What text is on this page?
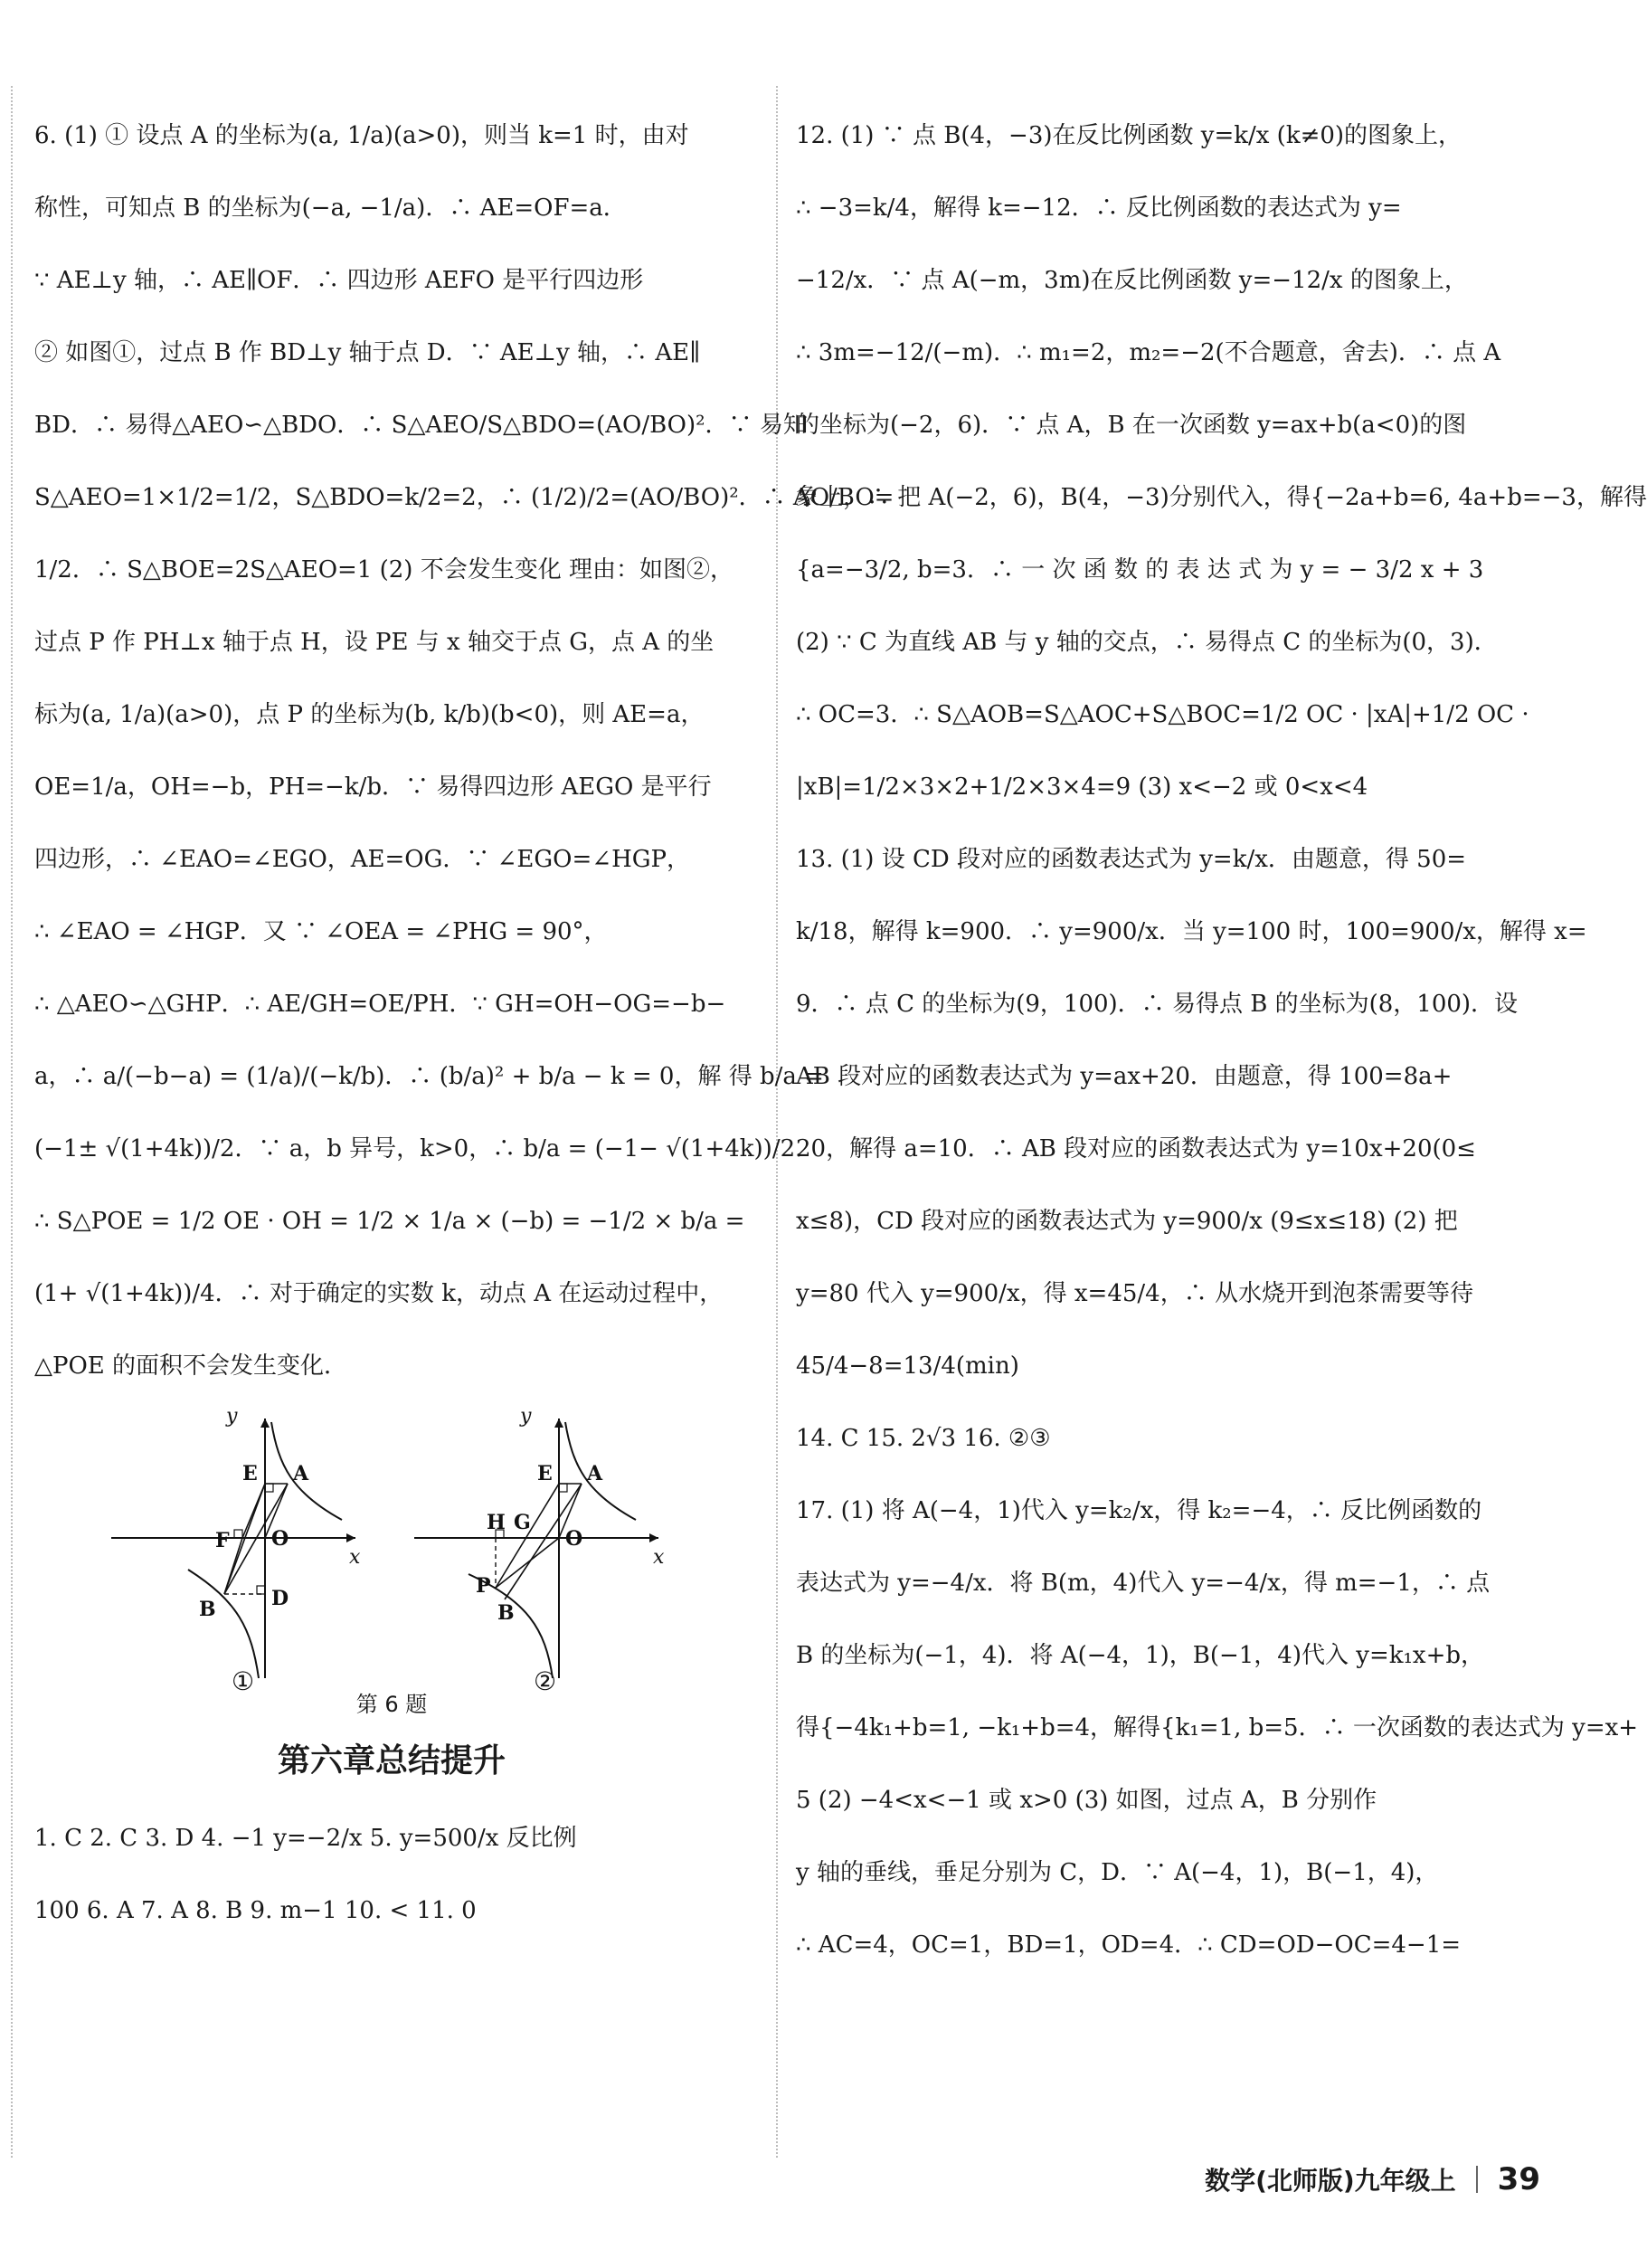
6. (1) ① 设点 A 的坐标为(a, 1/a)(a>0)，则当 k=1 时，由对
称性，可知点 B 的坐标为(−a, −1/a)．∴ AE=OF=a．
∵ AE⊥y 轴，∴ AE∥OF．∴ 四边形 AEFO 是平行四边形
② 如图①，过点 B 作 BD⊥y 轴于点 D．∵ AE⊥y 轴，∴ AE∥
BD．∴ 易得△AEO∽△BDO．∴ S△AEO/S△BDO=(AO/BO)²．∵ 易知
S△AEO=1×1/2=1/2，S△BDO=k/2=2，∴ (1/2)/2=(AO/BO)²．∴ AO/BO=
1/2．∴ S△BOE=2S△AEO=1 (2) 不会发生变化 理由：如图②，
过点 P 作 PH⊥x 轴于点 H，设 PE 与 x 轴交于点 G，点 A 的坐
标为(a, 1/a)(a>0)，点 P 的坐标为(b, k/b)(b<0)，则 AE=a，
OE=1/a，OH=−b，PH=−k/b．∵ 易得四边形 AEGO 是平行
四边形，∴ ∠EAO=∠EGO，AE=OG．∵ ∠EGO=∠HGP，
∴ ∠EAO = ∠HGP．又 ∵ ∠OEA = ∠PHG = 90°，
∴ △AEO∽△GHP．∴ AE/GH=OE/PH．∵ GH=OH−OG=−b−
a，∴ a/(−b−a) = (1/a)/(−k/b)．∴ (b/a)² + b/a − k = 0，解 得 b/a =
(−1± √(1+4k))/2．∵ a，b 异号，k>0，∴ b/a = (−1− √(1+4k))/2．
∴ S△POE = 1/2 OE · OH = 1/2 × 1/a × (−b) = −1/2 × b/a =
(1+ √(1+4k))/4．∴ 对于确定的实数 k，动点 A 在运动过程中，
△POE 的面积不会发生变化．
y
E A
F O
x
B	D
①
y
H G
E A
O
x
P
B
②
第 6 题
第六章总结提升
1. C 2. C 3. D 4. −1 y=−2/x 5. y=500/x 反比例
100 6. A 7. A 8. B 9. m−1 10. < 11. 0
12. (1) ∵ 点 B(4，−3)在反比例函数 y=k/x (k≠0)的图象上，
∴ −3=k/4，解得 k=−12．∴ 反比例函数的表达式为 y=
−12/x．∵ 点 A(−m，3m)在反比例函数 y=−12/x 的图象上，
∴ 3m=−12/(−m)．∴ m₁=2，m₂=−2(不合题意，舍去)．∴ 点 A
的坐标为(−2，6)．∵ 点 A，B 在一次函数 y=ax+b(a<0)的图
象上，∴ 把 A(−2，6)，B(4，−3)分别代入，得{−2a+b=6, 4a+b=−3，解得
{a=−3/2, b=3．∴ 一 次 函 数 的 表 达 式 为 y = − 3/2 x + 3
(2) ∵ C 为直线 AB 与 y 轴的交点，∴ 易得点 C 的坐标为(0，3)．
∴ OC=3．∴ S△AOB=S△AOC+S△BOC=1/2 OC · |xA|+1/2 OC ·
|xB|=1/2×3×2+1/2×3×4=9 (3) x<−2 或 0<x<4
13. (1) 设 CD 段对应的函数表达式为 y=k/x．由题意，得 50=
k/18，解得 k=900．∴ y=900/x．当 y=100 时，100=900/x，解得 x=
9．∴ 点 C 的坐标为(9，100)．∴ 易得点 B 的坐标为(8，100)．设
AB 段对应的函数表达式为 y=ax+20．由题意，得 100=8a+
20，解得 a=10．∴ AB 段对应的函数表达式为 y=10x+20(0≤
x≤8)，CD 段对应的函数表达式为 y=900/x (9≤x≤18) (2) 把
y=80 代入 y=900/x，得 x=45/4，∴ 从水烧开到泡茶需要等待
45/4−8=13/4(min)
14. C 15. 2√3 16. ②③
17. (1) 将 A(−4，1)代入 y=k₂/x，得 k₂=−4，∴ 反比例函数的
表达式为 y=−4/x．将 B(m，4)代入 y=−4/x，得 m=−1，∴ 点
B 的坐标为(−1，4)．将 A(−4，1)，B(−1，4)代入 y=k₁x+b，
得{−4k₁+b=1, −k₁+b=4，解得{k₁=1, b=5．∴ 一次函数的表达式为 y=x+
5 (2) −4<x<−1 或 x>0 (3) 如图，过点 A，B 分别作
y 轴的垂线，垂足分别为 C，D．∵ A(−4，1)，B(−1，4)，
∴ AC=4，OC=1，BD=1，OD=4．∴ CD=OD−OC=4−1=
数学(北师版)九年级上 39
